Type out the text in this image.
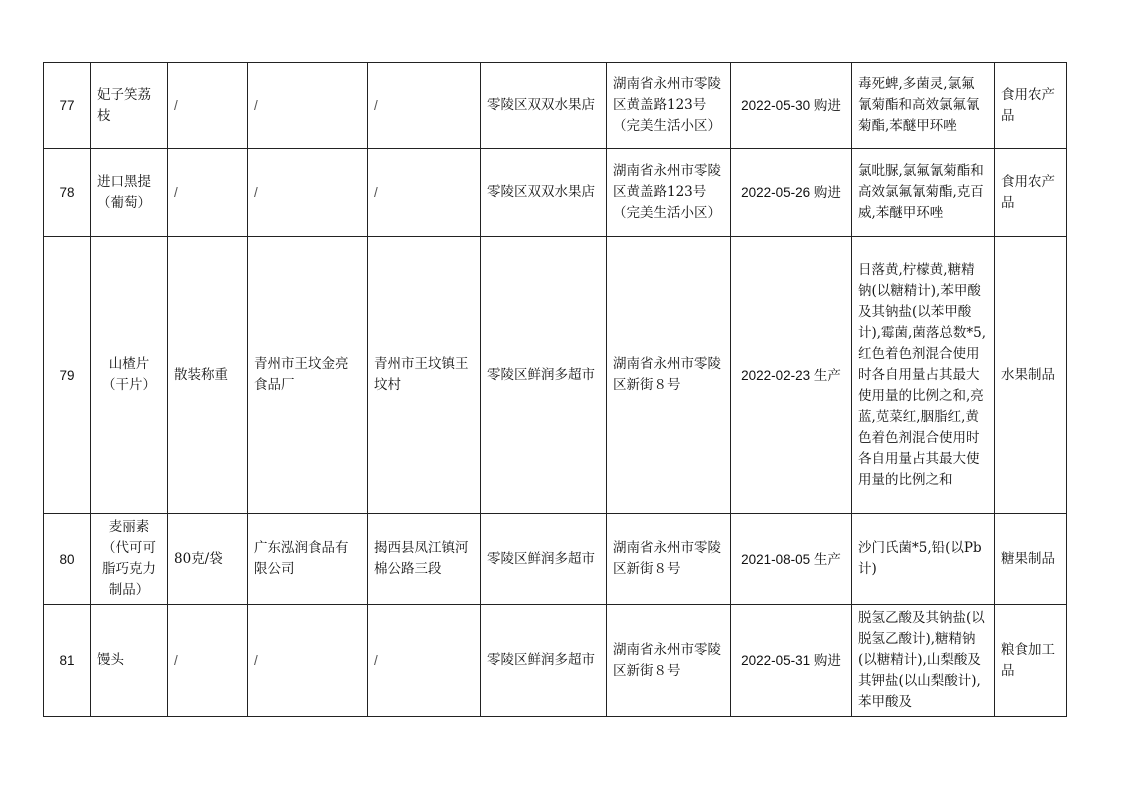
77	妃子笑荔枝	/	/	/	零陵区双双水果店	湖南省永州市零陵区黄盖路123号（完美生活小区）	2022-05-30 购进	毒死蜱,多菌灵,氯氟氰菊酯和高效氯氟氰菊酯,苯醚甲环唑	食用农产品
78	进口黑提（葡萄）	/	/	/	零陵区双双水果店	湖南省永州市零陵区黄盖路123号（完美生活小区）	2022-05-26 购进	氯吡脲,氯氟氰菊酯和高效氯氟氰菊酯,克百威,苯醚甲环唑	食用农产品
79	山楂片（干片）	散装称重	青州市王坟金亮食品厂	青州市王坟镇王坟村	零陵区鲜润多超市	湖南省永州市零陵区新街８号	2022-02-23 生产	日落黄,柠檬黄,糖精钠(以糖精计),苯甲酸及其钠盐(以苯甲酸计),霉菌,菌落总数*5,红色着色剂混合使用时各自用量占其最大使用量的比例之和,亮蓝,苋菜红,胭脂红,黄色着色剂混合使用时各自用量占其最大使用量的比例之和	水果制品
80	麦丽素（代可可脂巧克力制品）	80克/袋	广东泓润食品有限公司	揭西县凤江镇河棉公路三段	零陵区鲜润多超市	湖南省永州市零陵区新街８号	2021-08-05 生产	沙门氏菌*5,铅(以Pb计)	糖果制品
81	馒头	/	/	/	零陵区鲜润多超市	湖南省永州市零陵区新街８号	2022-05-31 购进	脱氢乙酸及其钠盐(以脱氢乙酸计),糖精钠(以糖精计),山梨酸及其钾盐(以山梨酸计),苯甲酸及	粮食加工品
